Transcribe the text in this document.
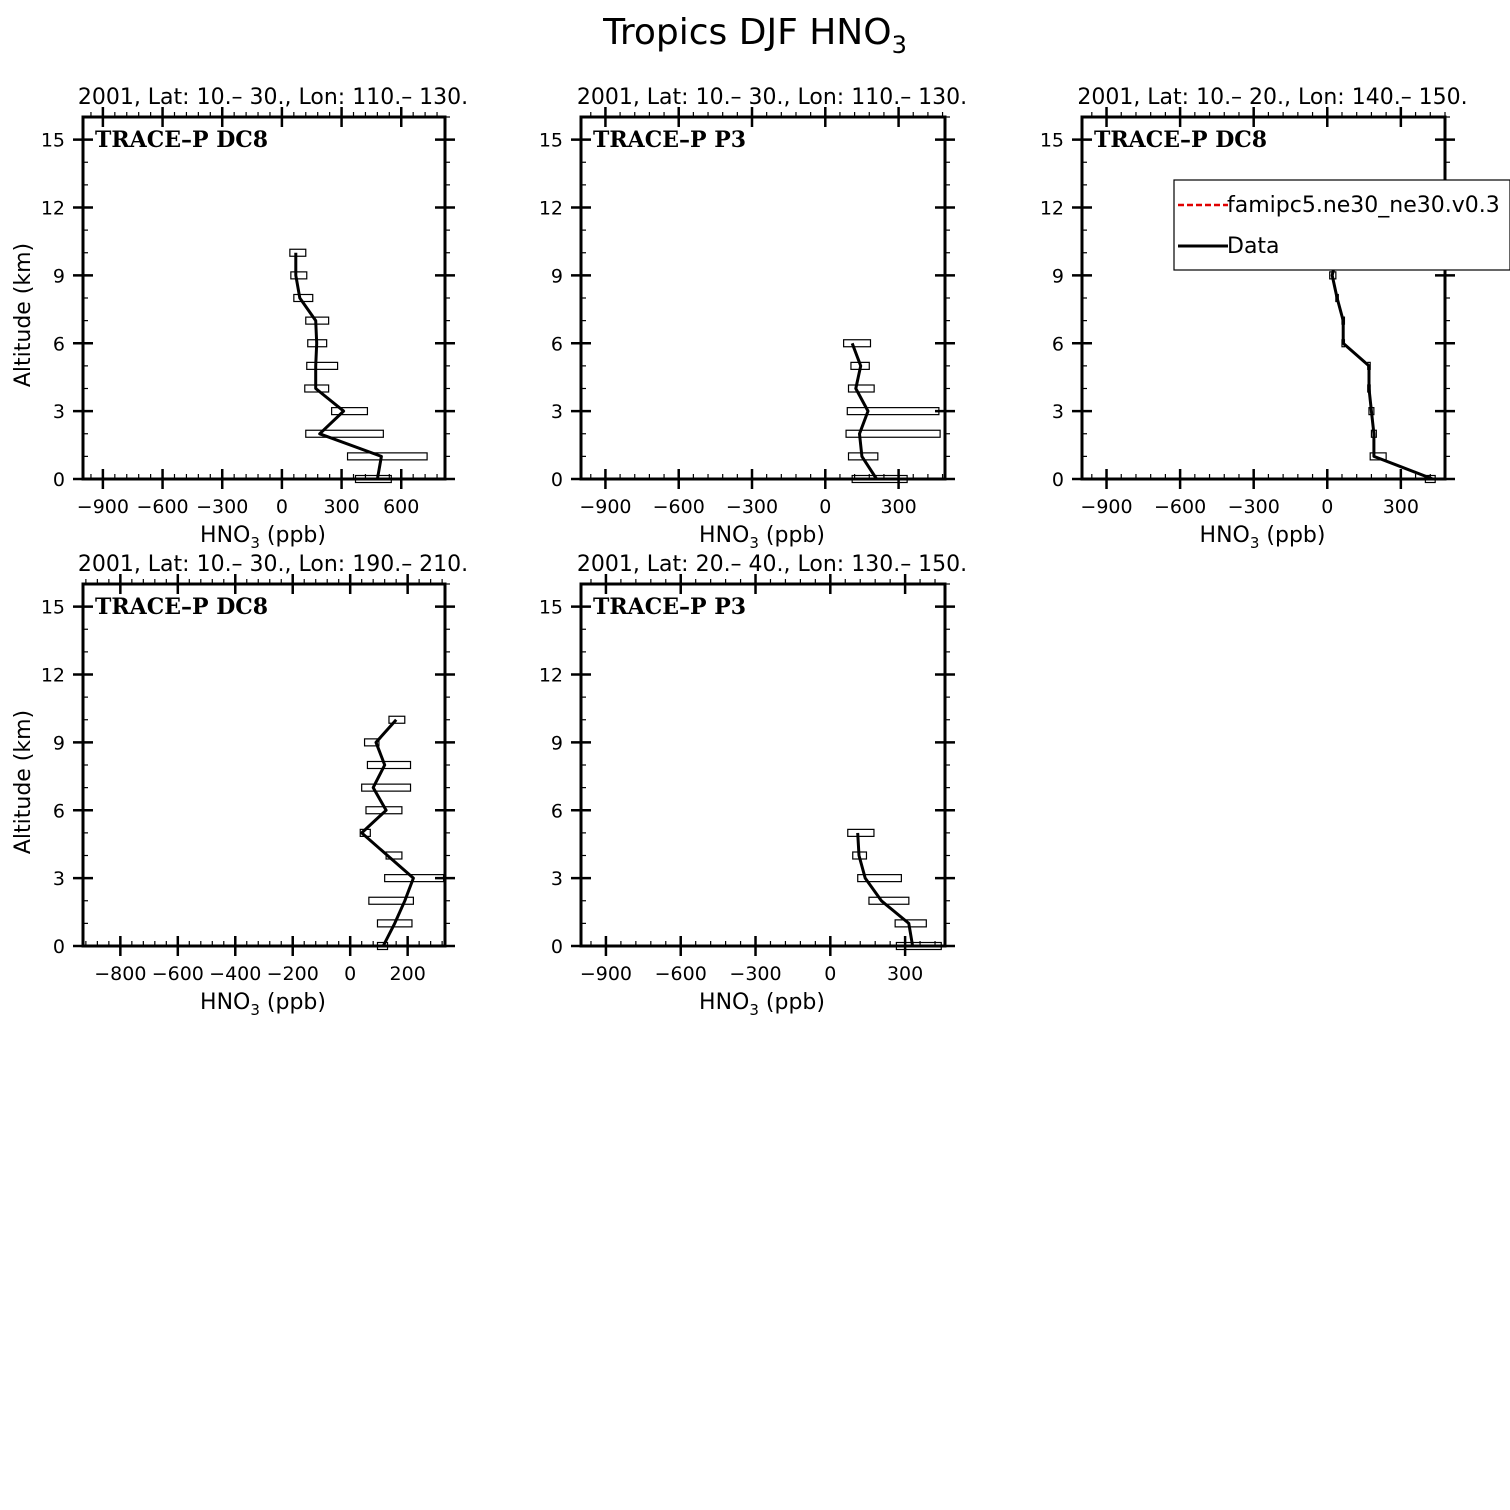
Tropics DJF $HNO_3$
0
3
6
9
12
15
−900 −600 −300 0 300 600
2001, Lat: 10.– 30., Lon: 110.– 130.
TRACE–P DC8
$HNO_3$ (ppb)
Altitude (km)
0
3
6
9
12
15
−900 −600 −300 0	300
2001, Lat: 10.– 30., Lon: 110.– 130.
TRACE–P P3
$HNO_3$ (ppb)
0
3
6
9
12
15
−900 −600 −300 0	300
2001, Lat: 10.– 20., Lon: 140.– 150.
TRACE–P DC8
$HNO_3$ (ppb)
famipc5.ne30_ne30.v0.3
Data
0
3
6
9
12
15
−800 −600 −400 −200 0 200
2001, Lat: 10.– 30., Lon: 190.– 210.
TRACE–P DC8
$HNO_3$ (ppb)
Altitude (km)
0
3
6
9
12
15
−900 −600 −300 0	300
2001, Lat: 20.– 40., Lon: 130.– 150.
TRACE–P P3
$HNO_3$ (ppb)
